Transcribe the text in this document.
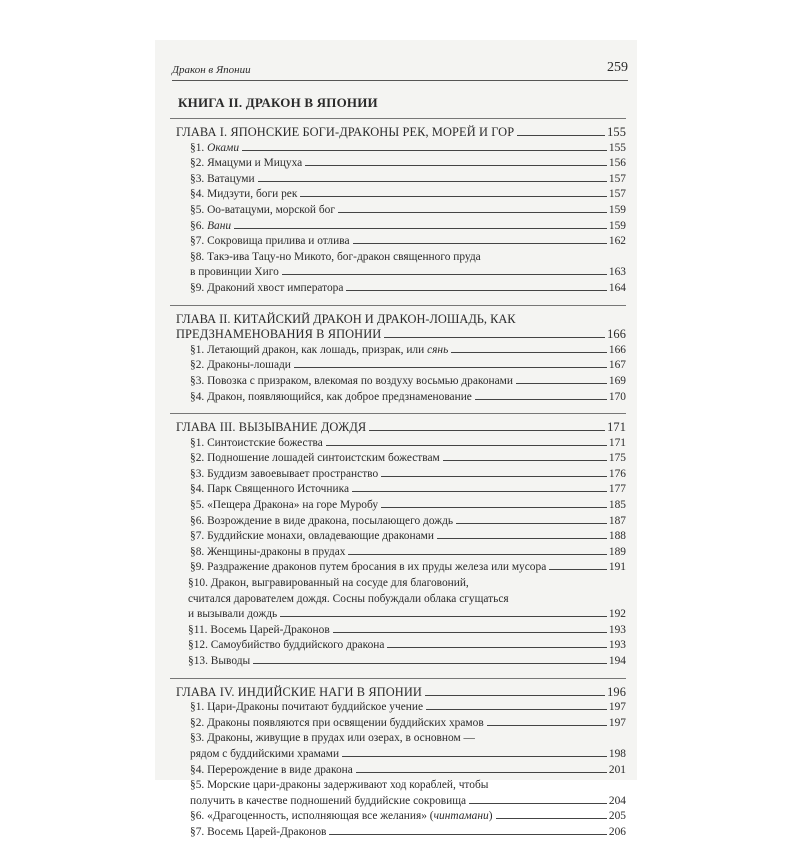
Дракон в Японии	259
КНИГА II. ДРАКОН В ЯПОНИИ
ГЛАВА I. ЯПОНСКИЕ БОГИ-ДРАКОНЫ РЕК, МОРЕЙ И ГОР	155
§1. Оками	155
§2. Ямацуми и Мицуха	156
§3. Ватацуми	157
§4. Мидзути, боги рек	157
§5. Оо-ватацуми, морской бог	159
§6. Вани	159
§7. Сокровища прилива и отлива	162
§8. Такэ-ива Тацу-но Микото, бог-дракон священного пруда
в провинции Хиго	163
§9. Драконий хвост императора	164
ГЛАВА II. КИТАЙСКИЙ ДРАКОН И ДРАКОН-ЛОШАДЬ, КАК
ПРЕДЗНАМЕНОВАНИЯ В ЯПОНИИ	166
§1. Летающий дракон, как лошадь, призрак, или сянь	166
§2. Драконы-лошади	167
§3. Повозка с призраком, влекомая по воздуху восьмью драконами	169
§4. Дракон, появляющийся, как доброе предзнаменование	170
ГЛАВА III. ВЫЗЫВАНИЕ ДОЖДЯ	171
§1. Синтоистские божества	171
§2. Подношение лошадей синтоистским божествам	175
§3. Буддизм завоевывает пространство	176
§4. Парк Священного Источника	177
§5. «Пещера Дракона» на горе Муробу	185
§6. Возрождение в виде дракона, посылающего дождь	187
§7. Буддийские монахи, овладевающие драконами	188
§8. Женщины-драконы в прудах	189
§9. Раздражение драконов путем бросания в их пруды железа или мусора	191
§10. Дракон, выгравированный на сосуде для благовоний,
считался дарователем дождя. Сосны побуждали облака сгущаться
и вызывали дождь	192
§11. Восемь Царей-Драконов	193
§12. Самоубийство буддийского дракона	193
§13. Выводы	194
ГЛАВА IV. ИНДИЙСКИЕ НАГИ В ЯПОНИИ	196
§1. Цари-Драконы почитают буддийское учение	197
§2. Драконы появляются при освящении буддийских храмов	197
§3. Драконы, живущие в прудах или озерах, в основном —
рядом с буддийскими храмами	198
§4. Перерождение в виде дракона	201
§5. Морские цари-драконы задерживают ход кораблей, чтобы
получить в качестве подношений буддийские сокровища	204
§6. «Драгоценность, исполняющая все желания» (чинтамани)	205
§7. Восемь Царей-Драконов	206
